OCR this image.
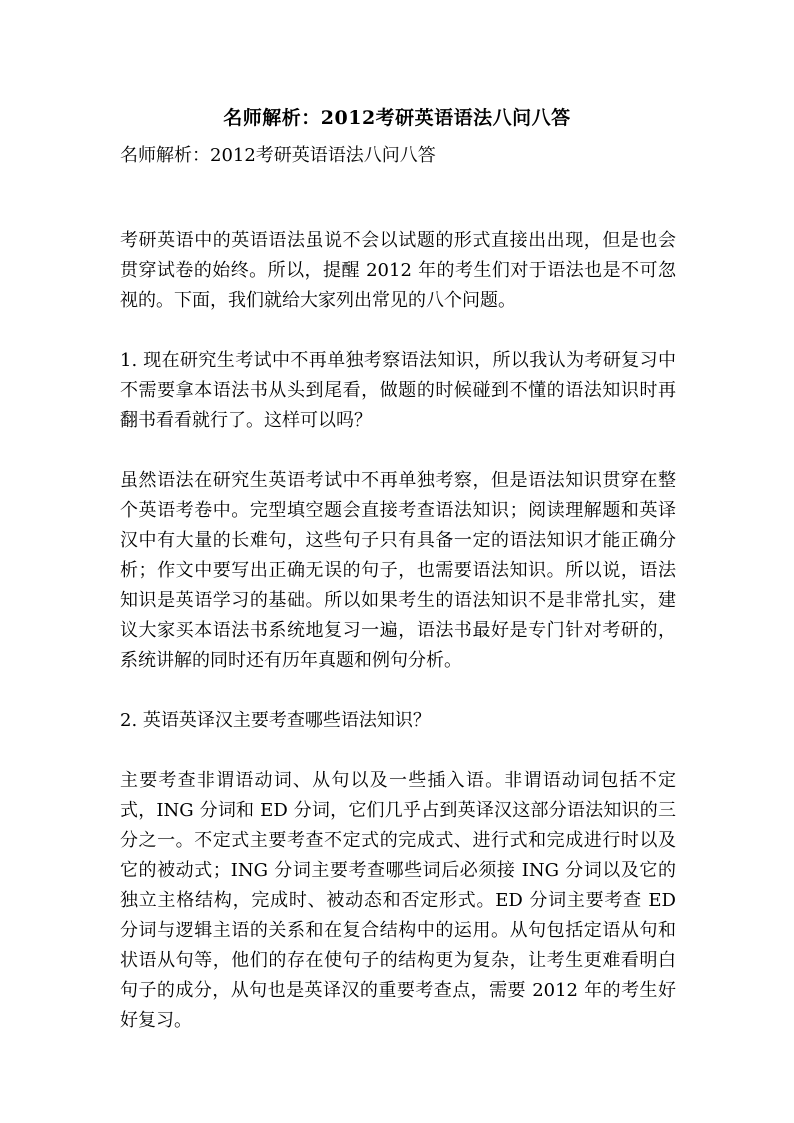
名师解析：2012考研英语语法八问八答
名师解析：2012考研英语语法八问八答

考研英语中的英语语法虽说不会以试题的形式直接出出现，但是也会贯穿试卷的始终。所以，提醒 2012 年的考生们对于语法也是不可忽视的。下面，我们就给大家列出常见的八个问题。

1. 现在研究生考试中不再单独考察语法知识，所以我认为考研复习中不需要拿本语法书从头到尾看，做题的时候碰到不懂的语法知识时再翻书看看就行了。这样可以吗？

虽然语法在研究生英语考试中不再单独考察，但是语法知识贯穿在整个英语考卷中。完型填空题会直接考查语法知识；阅读理解题和英译汉中有大量的长难句，这些句子只有具备一定的语法知识才能正确分析；作文中要写出正确无误的句子，也需要语法知识。所以说，语法知识是英语学习的基础。所以如果考生的语法知识不是非常扎实，建议大家买本语法书系统地复习一遍，语法书最好是专门针对考研的，系统讲解的同时还有历年真题和例句分析。

2. 英语英译汉主要考查哪些语法知识？

主要考查非谓语动词、从句以及一些插入语。非谓语动词包括不定式，ING 分词和 ED 分词，它们几乎占到英译汉这部分语法知识的三分之一。不定式主要考查不定式的完成式、进行式和完成进行时以及它的被动式；ING 分词主要考查哪些词后必须接 ING 分词以及它的独立主格结构，完成时、被动态和否定形式。ED 分词主要考查 ED 分词与逻辑主语的关系和在复合结构中的运用。从句包括定语从句和状语从句等，他们的存在使句子的结构更为复杂，让考生更难看明白句子的成分，从句也是英译汉的重要考查点，需要 2012 年的考生好好复习。
